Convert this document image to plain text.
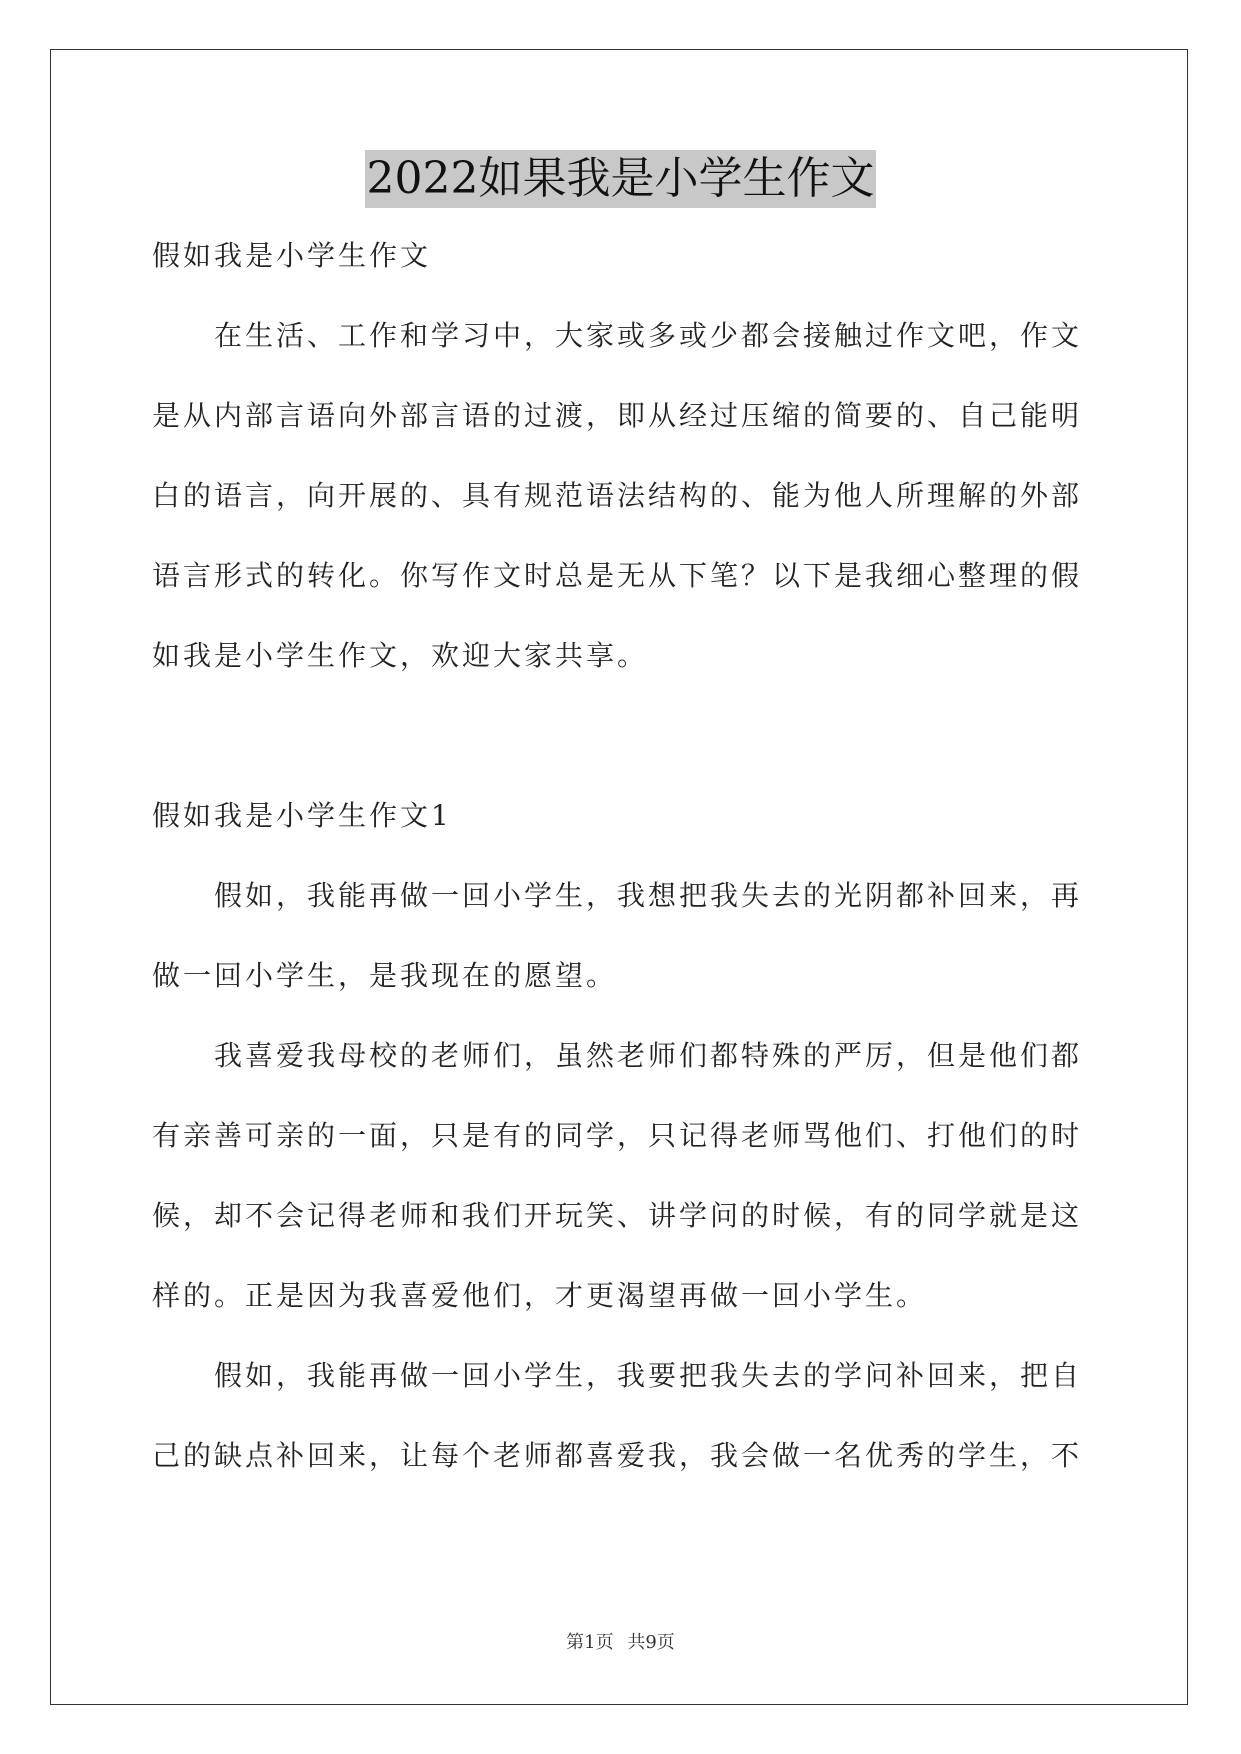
2022如果我是小学生作文
假如我是小学生作文
在生活、工作和学习中，大家或多或少都会接触过作文吧，作文
是从内部言语向外部言语的过渡，即从经过压缩的简要的、自己能明
白的语言，向开展的、具有规范语法结构的、能为他人所理解的外部
语言形式的转化。你写作文时总是无从下笔？以下是我细心整理的假
如我是小学生作文，欢迎大家共享。
假如我是小学生作文1
假如，我能再做一回小学生，我想把我失去的光阴都补回来，再
做一回小学生，是我现在的愿望。
我喜爱我母校的老师们，虽然老师们都特殊的严厉，但是他们都
有亲善可亲的一面，只是有的同学，只记得老师骂他们、打他们的时
候，却不会记得老师和我们开玩笑、讲学问的时候，有的同学就是这
样的。正是因为我喜爱他们，才更渴望再做一回小学生。
假如，我能再做一回小学生，我要把我失去的学问补回来，把自
己的缺点补回来，让每个老师都喜爱我，我会做一名优秀的学生，不
第1页 共9页
